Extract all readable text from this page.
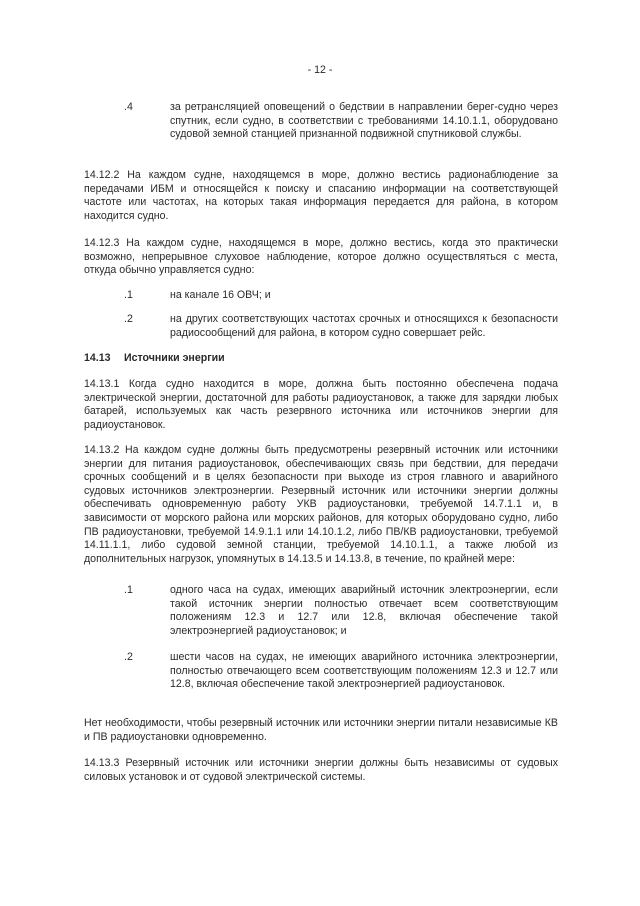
- 12 -
.4	за ретрансляцией оповещений о бедствии в направлении берег-судно через спутник, если судно, в соответствии с требованиями 14.10.1.1, оборудовано судовой земной станцией признанной подвижной спутниковой службы.
14.12.2 На каждом судне, находящемся в море, должно вестись радионаблюдение за передачами ИБМ и относящейся к поиску и спасанию информации на соответствующей частоте или частотах, на которых такая информация передается для района, в котором находится судно.
14.12.3 На каждом судне, находящемся в море, должно вестись, когда это практически возможно, непрерывное слуховое наблюдение, которое должно осуществляться с места, откуда обычно управляется судно:
.1	на канале 16 ОВЧ; и
.2	на других соответствующих частотах срочных и относящихся к безопасности радиосообщений для района, в котором судно совершает рейс.
14.13 Источники энергии
14.13.1 Когда судно находится в море, должна быть постоянно обеспечена подача электрической энергии, достаточной для работы радиоустановок, а также для зарядки любых батарей, используемых как часть резервного источника или источников энергии для радиоустановок.
14.13.2 На каждом судне должны быть предусмотрены резервный источник или источники энергии для питания радиоустановок, обеспечивающих связь при бедствии, для передачи срочных сообщений и в целях безопасности при выходе из строя главного и аварийного судовых источников электроэнергии. Резервный источник или источники энергии должны обеспечивать одновременную работу УКВ радиоустановки, требуемой 14.7.1.1 и, в зависимости от морского района или морских районов, для которых оборудовано судно, либо ПВ радиоустановки, требуемой 14.9.1.1 или 14.10.1.2, либо ПВ/КВ радиоустановки, требуемой 14.11.1.1, либо судовой земной станции, требуемой 14.10.1.1, а также любой из дополнительных нагрузок, упомянутых в 14.13.5 и 14.13.8, в течение, по крайней мере:
.1	одного часа на судах, имеющих аварийный источник электроэнергии, если такой источник энергии полностью отвечает всем соответствующим положениям 12.3 и 12.7 или 12.8, включая обеспечение такой электроэнергией радиоустановок; и
.2	шести часов на судах, не имеющих аварийного источника электроэнергии, полностью отвечающего всем соответствующим положениям 12.3 и 12.7 или 12.8, включая обеспечение такой электроэнергией радиоустановок.
Нет необходимости, чтобы резервный источник или источники энергии питали независимые КВ и ПВ радиоустановки одновременно.
14.13.3 Резервный источник или источники энергии должны быть независимы от судовых силовых установок и от судовой электрической системы.
